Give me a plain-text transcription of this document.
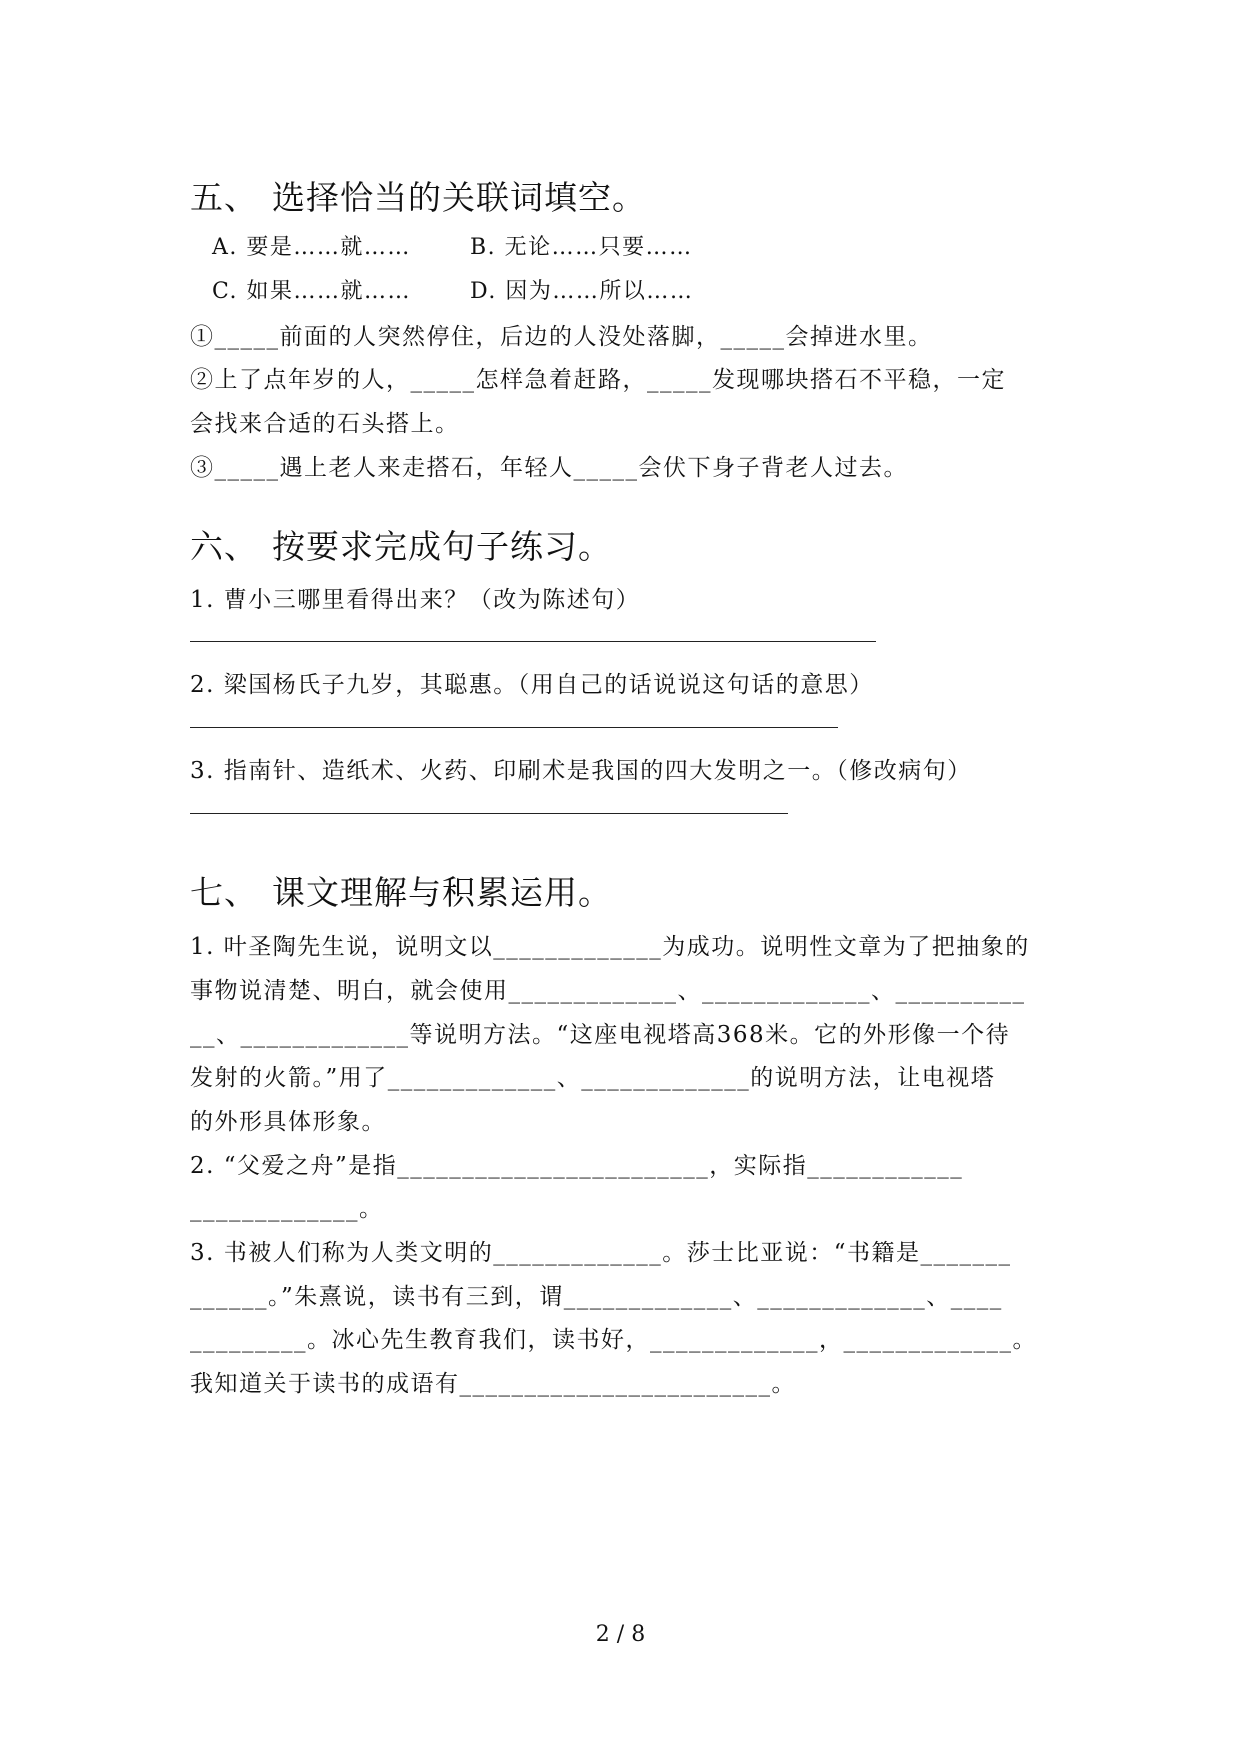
五、 选择恰当的关联词填空。
A. 要是……就……	B. 无论……只要……
C. 如果……就……	D. 因为……所以……
①_____前面的人突然停住，后边的人没处落脚，_____会掉进水里。
②上了点年岁的人，_____怎样急着赶路，_____发现哪块搭石不平稳，一定
会找来合适的石头搭上。
③_____遇上老人来走搭石，年轻人_____会伏下身子背老人过去。
六、 按要求完成句子练习。
1. 曹小三哪里看得出来？（改为陈述句）
2. 梁国杨氏子九岁，其聪惠。（用自己的话说说这句话的意思）
3. 指南针、造纸术、火药、印刷术是我国的四大发明之一。（修改病句）
七、 课文理解与积累运用。
1. 叶圣陶先生说，说明文以_____________为成功。说明性文章为了把抽象的
事物说清楚、明白，就会使用_____________、_____________、__________
__、_____________等说明方法。“这座电视塔高368米。它的外形像一个待
发射的火箭。”用了_____________、_____________的说明方法，让电视塔
的外形具体形象。
2. “父爱之舟”是指________________________，实际指____________
_____________。
3. 书被人们称为人类文明的_____________。莎士比亚说：“书籍是_______
______。”朱熹说，读书有三到，谓_____________、_____________、____
_________。冰心先生教育我们，读书好，_____________，_____________。
我知道关于读书的成语有________________________。
2 / 8
